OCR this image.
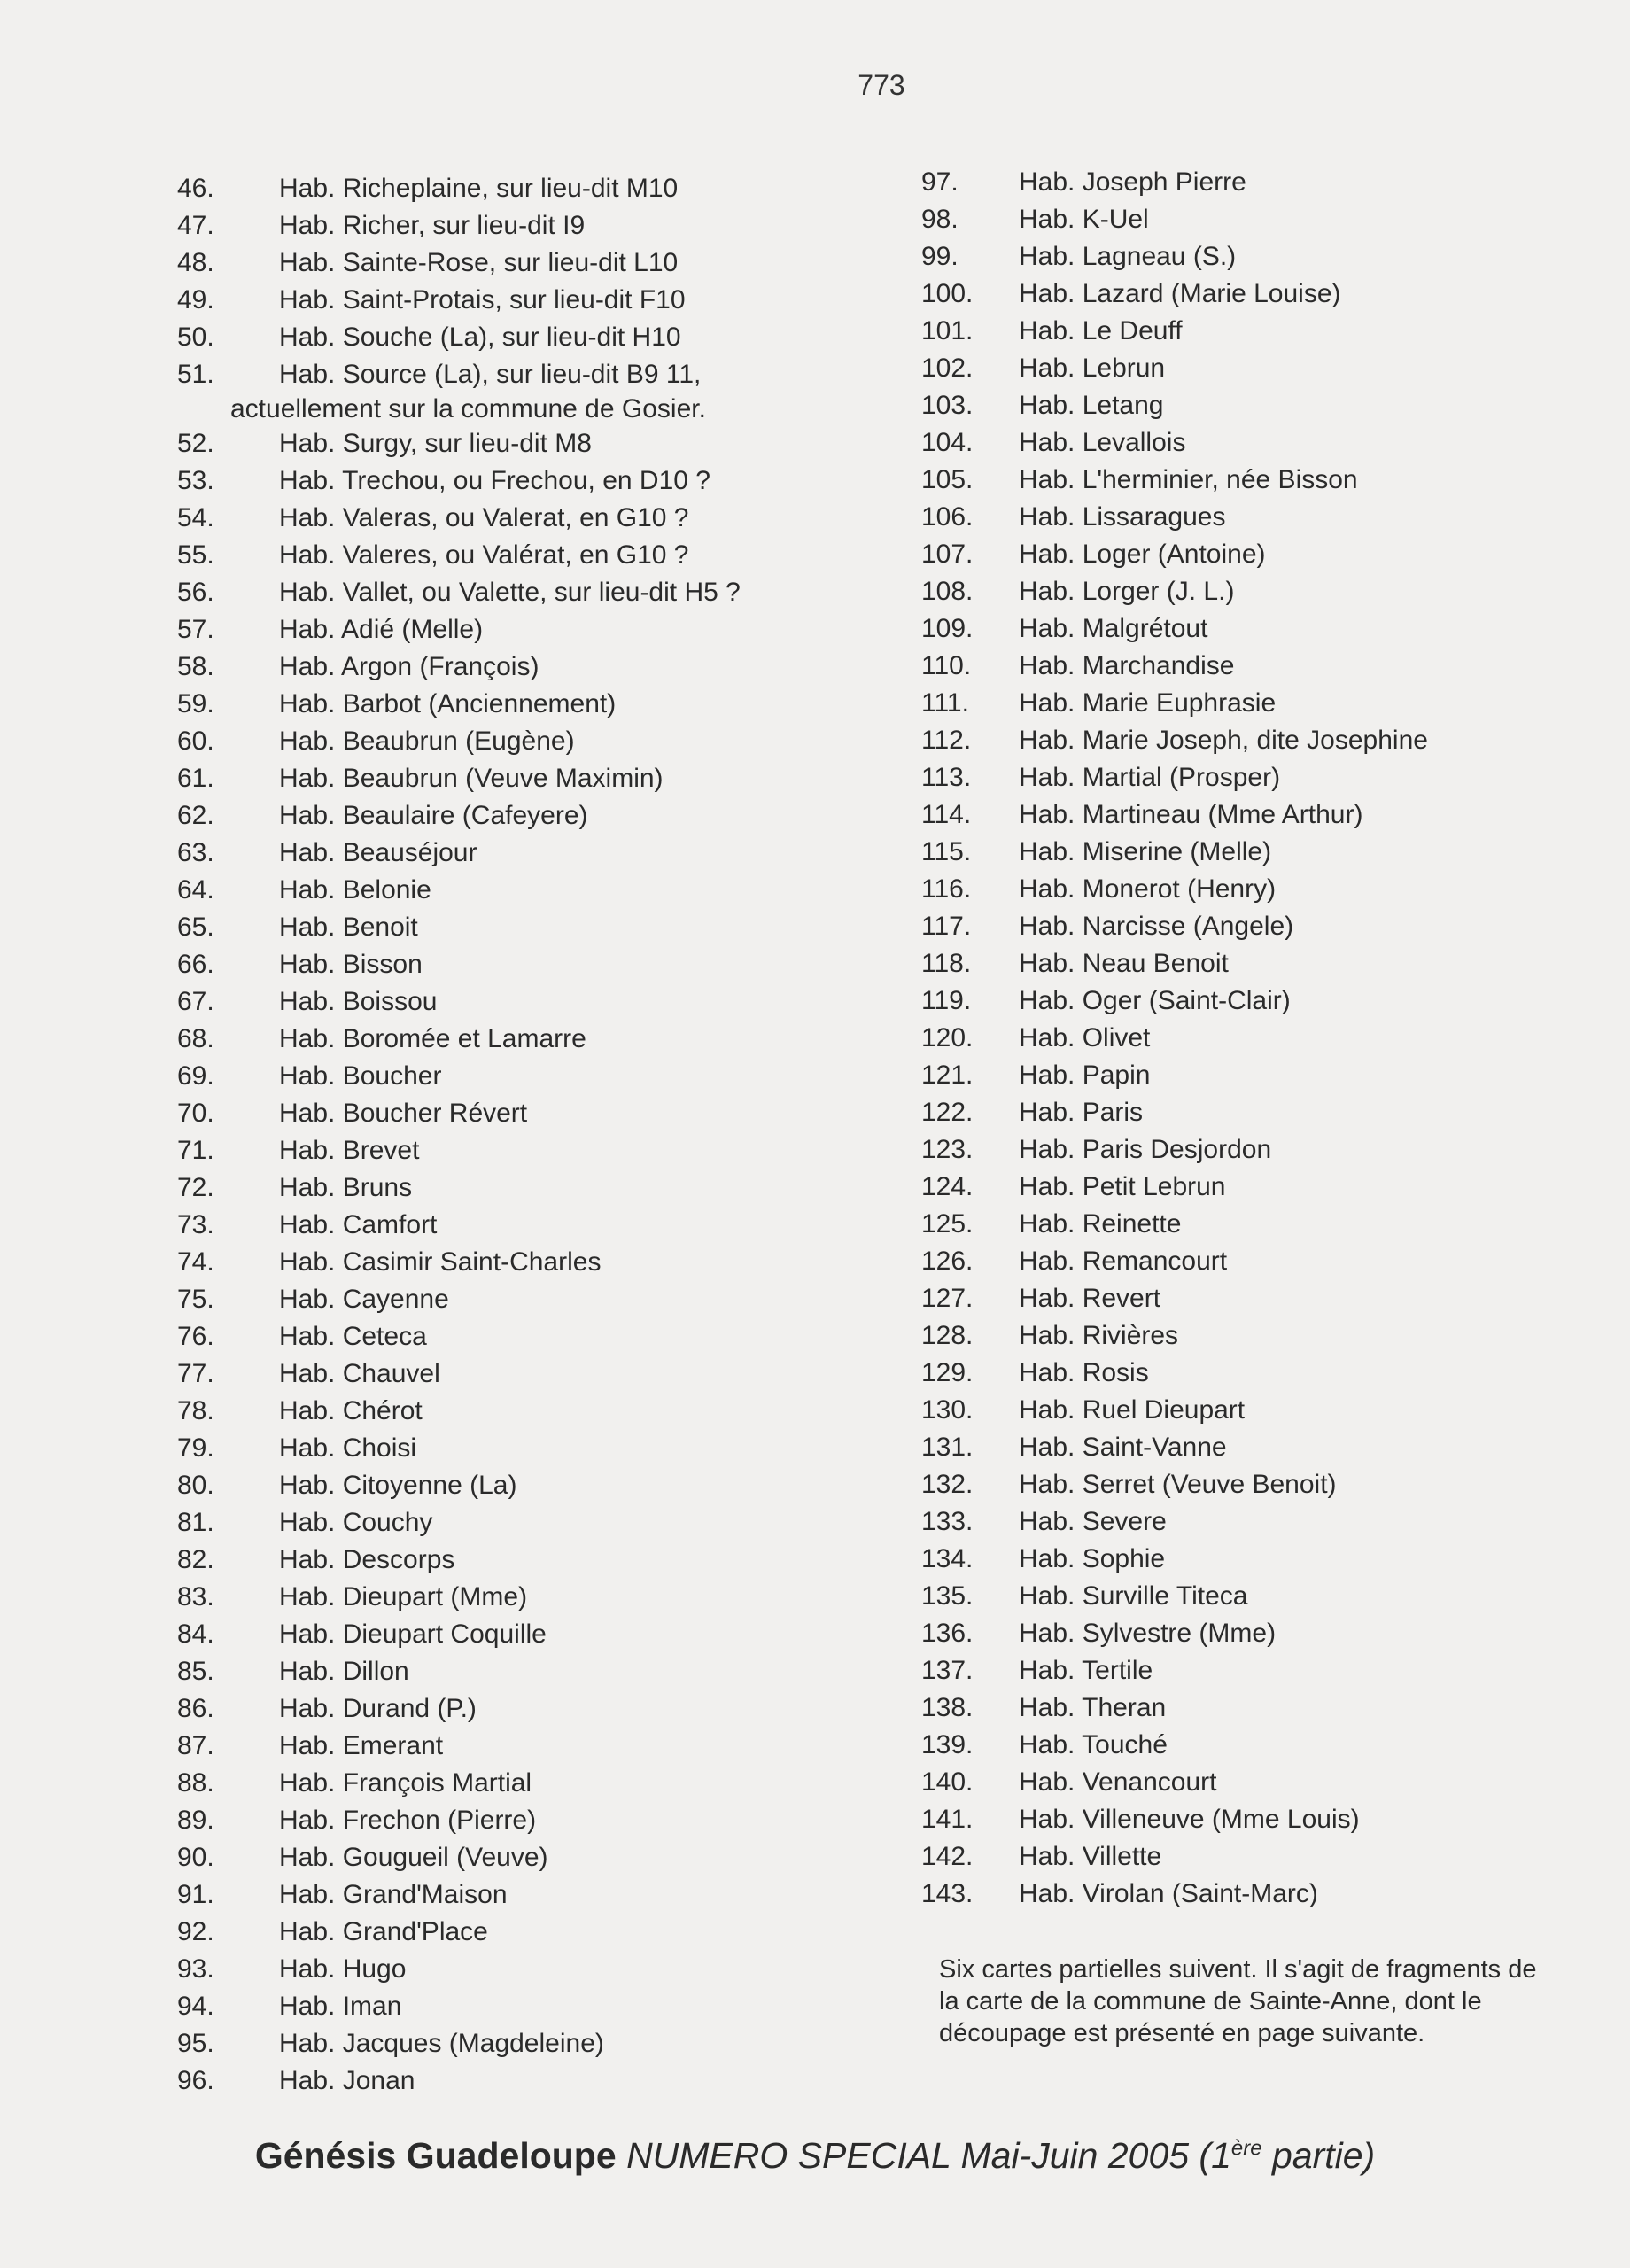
773
46.	Hab. Richeplaine, sur lieu-dit M10
47.	Hab. Richer, sur lieu-dit I9
48.	Hab. Sainte-Rose, sur lieu-dit L10
49.	Hab. Saint-Protais, sur lieu-dit F10
50.	Hab. Souche (La), sur lieu-dit H10
51.	Hab. Source (La), sur lieu-dit B9 11,
actuellement sur la commune de Gosier.
52.	Hab. Surgy, sur lieu-dit M8
53.	Hab. Trechou, ou Frechou, en D10 ?
54.	Hab. Valeras, ou Valerat, en G10 ?
55.	Hab. Valeres, ou Valérat, en G10 ?
56.	Hab. Vallet, ou Valette, sur lieu-dit H5 ?
57.	Hab. Adié (Melle)
58.	Hab. Argon (François)
59.	Hab. Barbot (Anciennement)
60.	Hab. Beaubrun (Eugène)
61.	Hab. Beaubrun (Veuve Maximin)
62.	Hab. Beaulaire (Cafeyere)
63.	Hab. Beauséjour
64.	Hab. Belonie
65.	Hab. Benoit
66.	Hab. Bisson
67.	Hab. Boissou
68.	Hab. Boromée et Lamarre
69.	Hab. Boucher
70.	Hab. Boucher Révert
71.	Hab. Brevet
72.	Hab. Bruns
73.	Hab. Camfort
74.	Hab. Casimir Saint-Charles
75.	Hab. Cayenne
76.	Hab. Ceteca
77.	Hab. Chauvel
78.	Hab. Chérot
79.	Hab. Choisi
80.	Hab. Citoyenne (La)
81.	Hab. Couchy
82.	Hab. Descorps
83.	Hab. Dieupart (Mme)
84.	Hab. Dieupart Coquille
85.	Hab. Dillon
86.	Hab. Durand (P.)
87.	Hab. Emerant
88.	Hab. François Martial
89.	Hab. Frechon (Pierre)
90.	Hab. Gougueil (Veuve)
91.	Hab. Grand'Maison
92.	Hab. Grand'Place
93.	Hab. Hugo
94.	Hab. Iman
95.	Hab. Jacques (Magdeleine)
96.	Hab. Jonan
97.	Hab. Joseph Pierre
98.	Hab. K-Uel
99.	Hab. Lagneau (S.)
100.	Hab. Lazard (Marie Louise)
101.	Hab. Le Deuff
102.	Hab. Lebrun
103.	Hab. Letang
104.	Hab. Levallois
105.	Hab. L'herminier, née Bisson
106.	Hab. Lissaragues
107.	Hab. Loger (Antoine)
108.	Hab. Lorger (J. L.)
109.	Hab. Malgrétout
110.	Hab. Marchandise
111.	Hab. Marie Euphrasie
112.	Hab. Marie Joseph, dite Josephine
113.	Hab. Martial (Prosper)
114.	Hab. Martineau (Mme Arthur)
115.	Hab. Miserine (Melle)
116.	Hab. Monerot (Henry)
117.	Hab. Narcisse (Angele)
118.	Hab. Neau Benoit
119.	Hab. Oger (Saint-Clair)
120.	Hab. Olivet
121.	Hab. Papin
122.	Hab. Paris
123.	Hab. Paris Desjordon
124.	Hab. Petit Lebrun
125.	Hab. Reinette
126.	Hab. Remancourt
127.	Hab. Revert
128.	Hab. Rivières
129.	Hab. Rosis
130.	Hab. Ruel Dieupart
131.	Hab. Saint-Vanne
132.	Hab. Serret (Veuve Benoit)
133.	Hab. Severe
134.	Hab. Sophie
135.	Hab. Surville Titeca
136.	Hab. Sylvestre (Mme)
137.	Hab. Tertile
138.	Hab. Theran
139.	Hab. Touché
140.	Hab. Venancourt
141.	Hab. Villeneuve (Mme Louis)
142.	Hab. Villette
143.	Hab. Virolan (Saint-Marc)
Six cartes partielles suivent. Il s'agit de fragments de
la carte de la commune de Sainte-Anne, dont le
découpage est présenté en page suivante.
Génésis Guadeloupe NUMERO SPECIAL Mai-Juin 2005 (1ère partie)
